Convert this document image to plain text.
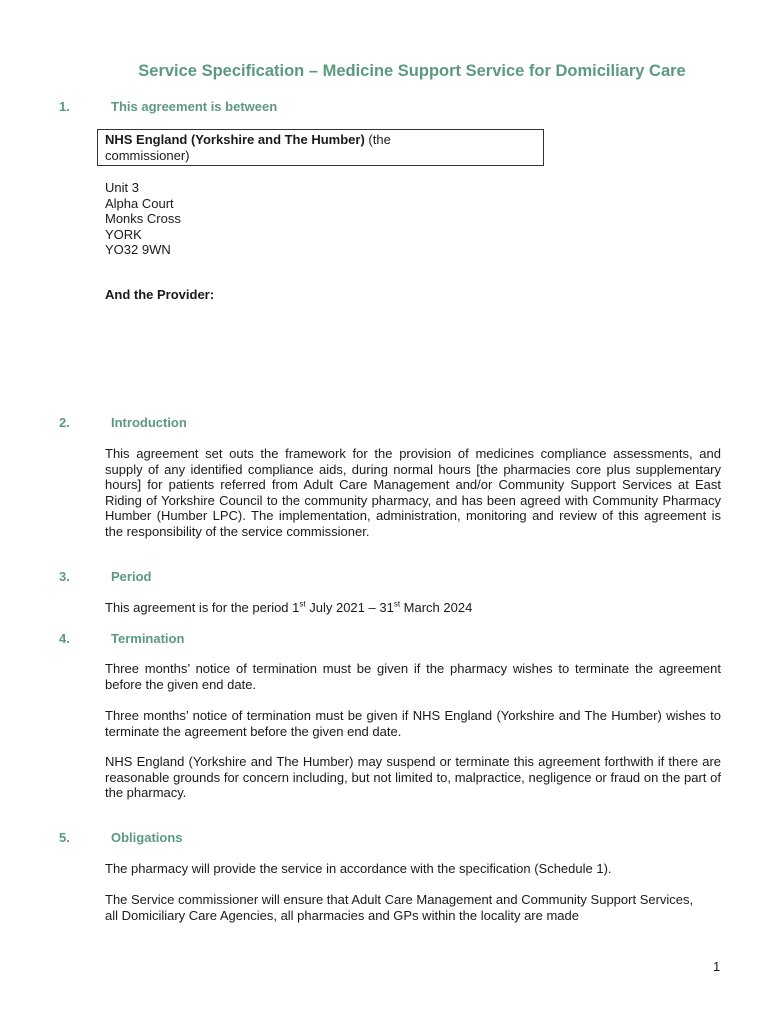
Service Specification – Medicine Support Service for Domiciliary Care
1.	This agreement is between
NHS England (Yorkshire and The Humber) (the
commissioner)
Unit 3
Alpha Court
Monks Cross
YORK
YO32 9WN
And the Provider:
2.	Introduction
This agreement set outs the framework for the provision of medicines compliance assessments, and supply of any identified compliance aids, during normal hours [the pharmacies core plus supplementary hours] for patients referred from Adult Care Management and/or Community Support Services at East Riding of Yorkshire Council to the community pharmacy, and has been agreed with Community Pharmacy Humber (Humber LPC). The implementation, administration, monitoring and review of this agreement is the responsibility of the service commissioner.
3.	Period
This agreement is for the period 1st July 2021 – 31st March 2024
4.	Termination
Three months’ notice of termination must be given if the pharmacy wishes to terminate the agreement before the given end date.
Three months’ notice of termination must be given if NHS England (Yorkshire and The Humber) wishes to terminate the agreement before the given end date.
NHS England (Yorkshire and The Humber) may suspend or terminate this agreement forthwith if there are reasonable grounds for concern including, but not limited to, malpractice, negligence or fraud on the part of the pharmacy.
5.	Obligations
The pharmacy will provide the service in accordance with the specification (Schedule 1).
The Service commissioner will ensure that Adult Care Management and Community Support Services, all Domiciliary Care Agencies, all pharmacies and GPs within the locality are made
1
